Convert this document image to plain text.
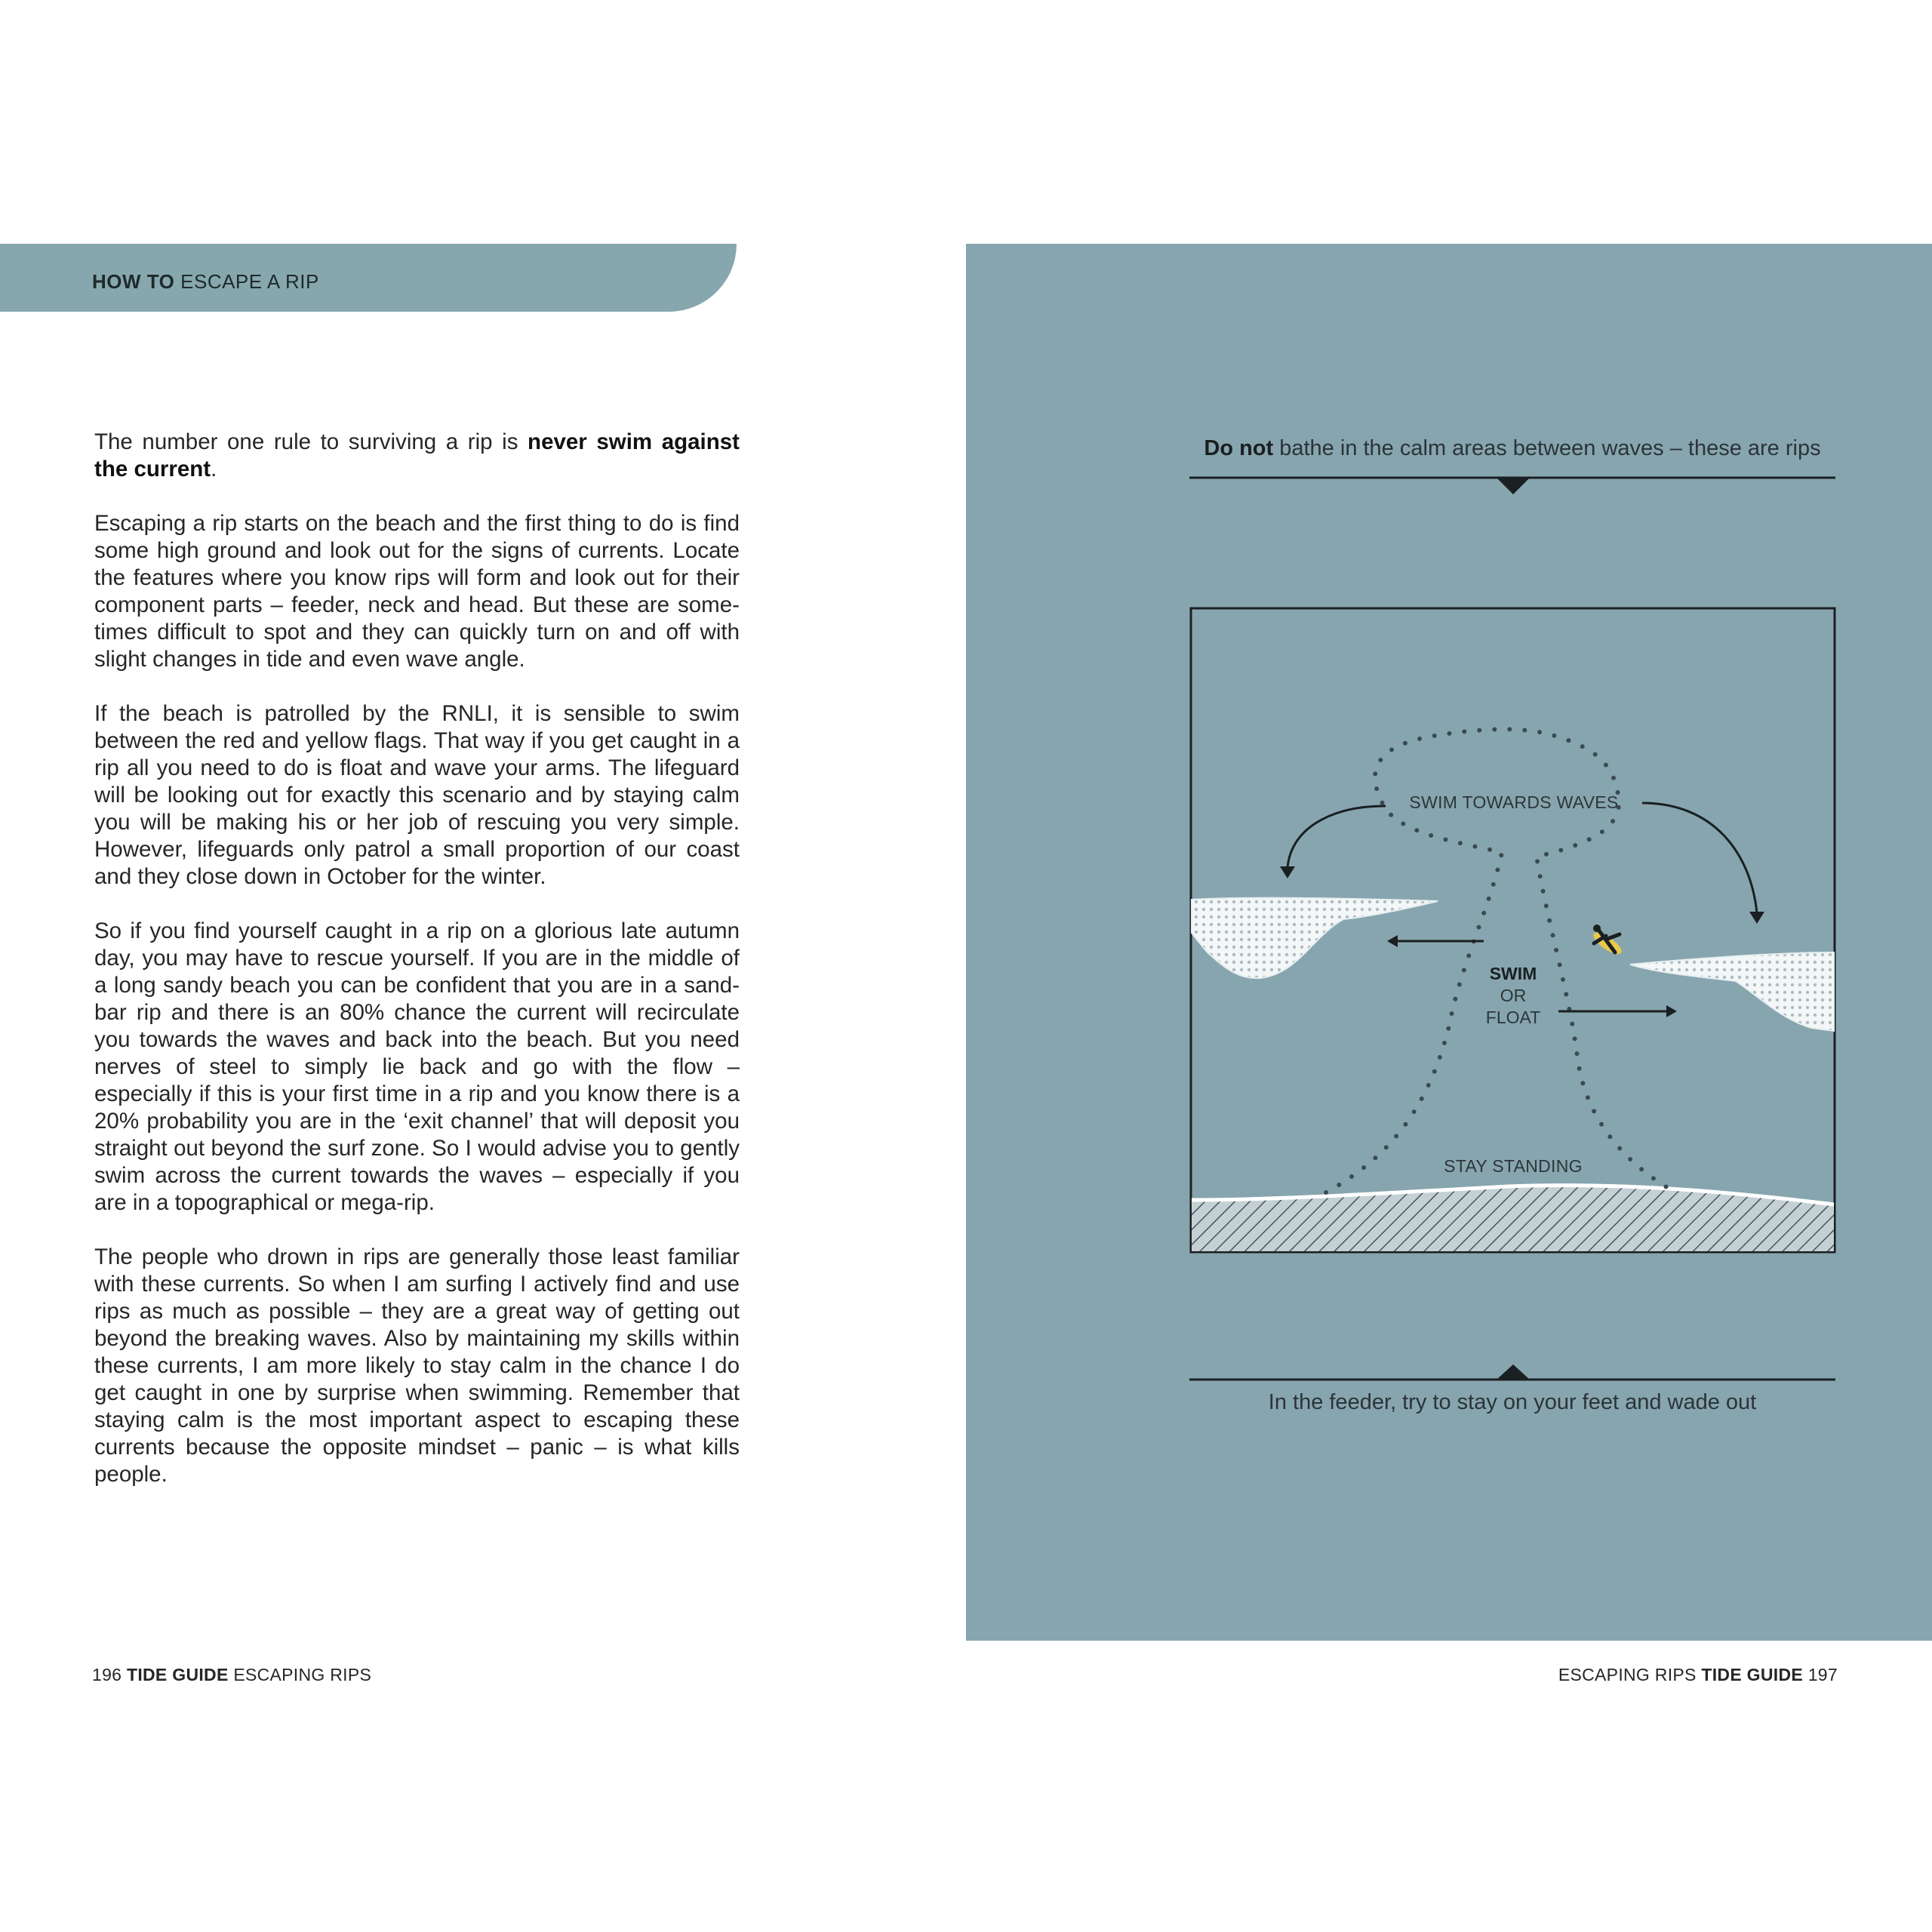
HOW TO ESCAPE A RIP

The number one rule to surviving a rip is never swim against the current.

Escaping a rip starts on the beach and the first thing to do is find some high ground and look out for the signs of currents. Locate the features where you know rips will form and look out for their component parts – feeder, neck and head. But these are sometimes difficult to spot and they can quickly turn on and off with slight changes in tide and even wave angle.

If the beach is patrolled by the RNLI, it is sensible to swim between the red and yellow flags. That way if you get caught in a rip all you need to do is float and wave your arms. The lifeguard will be looking out for exactly this scenario and by staying calm you will be making his or her job of rescuing you very simple. However, lifeguards only patrol a small proportion of our coast and they close down in October for the winter.

So if you find yourself caught in a rip on a glorious late autumn day, you may have to rescue yourself. If you are in the middle of a long sandy beach you can be confident that you are in a sandbar rip and there is an 80% chance the current will recirculate you towards the waves and back into the beach. But you need nerves of steel to simply lie back and go with the flow – especially if this is your first time in a rip and you know there is a 20% probability you are in the ‘exit channel’ that will deposit you straight out beyond the surf zone. So I would advise you to gently swim across the current towards the waves – especially if you are in a topographical or mega-rip.

The people who drown in rips are generally those least familiar with these currents. So when I am surfing I actively find and use rips as much as possible – they are a great way of getting out beyond the breaking waves. Also by maintaining my skills within these currents, I am more likely to stay calm in the chance I do get caught in one by surprise when swimming. Remember that staying calm is the most important aspect to escaping these currents because the opposite mindset – panic – is what kills people.

196 TIDE GUIDE ESCAPING RIPS
Do not bathe in the calm areas between waves – these are rips
SWIM TOWARDS WAVES
SWIM
OR
FLOAT
STAY STANDING
In the feeder, try to stay on your feet and wade out
ESCAPING RIPS TIDE GUIDE 197
